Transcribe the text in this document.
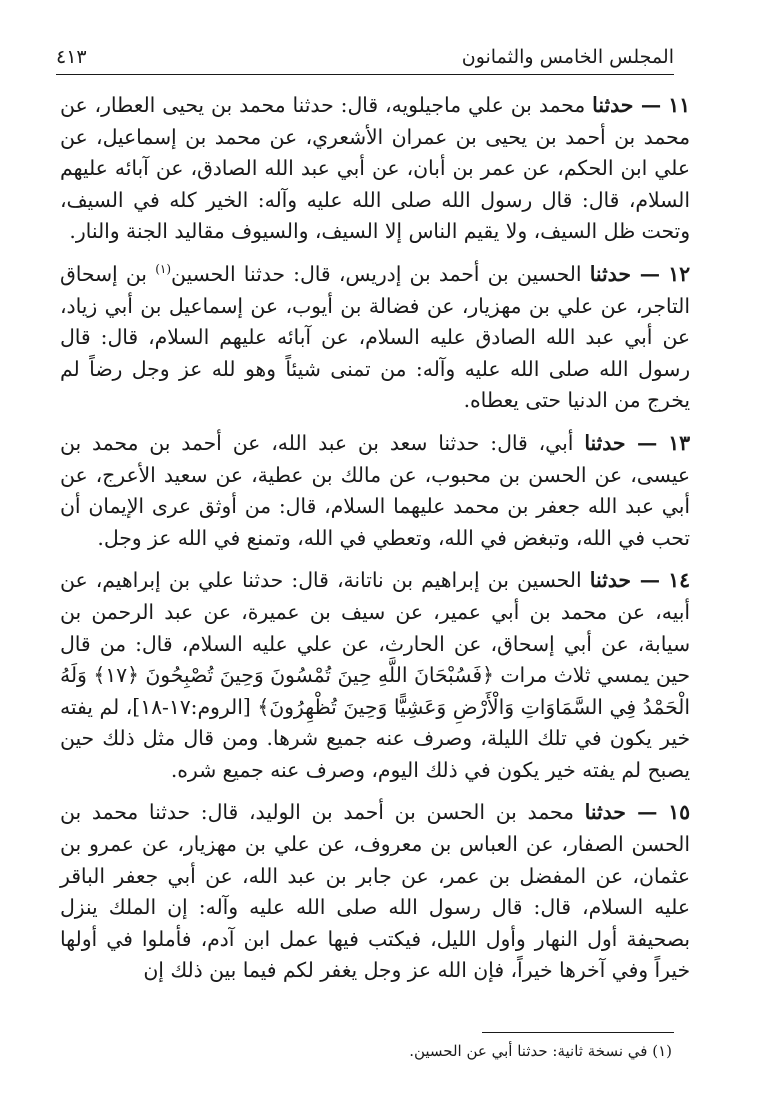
المجلس الخامس والثمانون
٤١٣

١١ — حدثنا محمد بن علي ماجيلويه، قال: حدثنا محمد بن يحيى العطار، عن محمد بن أحمد بن يحيى بن عمران الأشعري، عن محمد بن إسماعيل، عن علي ابن الحكم، عن عمر بن أبان، عن أبي عبد الله الصادق، عن آبائه عليهم السلام، قال: قال رسول الله صلى الله عليه وآله: الخير كله في السيف، وتحت ظل السيف، ولا يقيم الناس إلا السيف، والسيوف مقاليد الجنة والنار.

١٢ — حدثنا الحسين بن أحمد بن إدريس، قال: حدثنا الحسين$^{(١)}$ بن إسحاق التاجر، عن علي بن مهزيار، عن فضالة بن أيوب، عن إسماعيل بن أبي زياد، عن أبي عبد الله الصادق عليه السلام، عن آبائه عليهم السلام، قال: قال رسول الله صلى الله عليه وآله: من تمنى شيئاً وهو لله عز وجل رضاً لم يخرج من الدنيا حتى يعطاه.

١٣ — حدثنا أبي، قال: حدثنا سعد بن عبد الله، عن أحمد بن محمد بن عيسى، عن الحسن بن محبوب، عن مالك بن عطية، عن سعيد الأعرج، عن أبي عبد الله جعفر بن محمد عليهما السلام، قال: من أوثق عرى الإيمان أن تحب في الله، وتبغض في الله، وتعطي في الله، وتمنع في الله عز وجل.

١٤ — حدثنا الحسين بن إبراهيم بن ناتانة، قال: حدثنا علي بن إبراهيم، عن أبيه، عن محمد بن أبي عمير، عن سيف بن عميرة، عن عبد الرحمن بن سيابة، عن أبي إسحاق، عن الحارث، عن علي عليه السلام، قال: من قال حين يمسي ثلاث مرات ﴿فَسُبْحَانَ اللَّهِ حِينَ تُمْسُونَ وَحِينَ تُصْبِحُونَ ﴿١٧﴾ وَلَهُ الْحَمْدُ فِي السَّمَاوَاتِ وَالْأَرْضِ وَعَشِيًّا وَحِينَ تُظْهِرُونَ﴾ [الروم:١٧-١٨]، لم يفته خير يكون في تلك الليلة، وصرف عنه جميع شرها. ومن قال مثل ذلك حين يصبح لم يفته خير يكون في ذلك اليوم، وصرف عنه جميع شره.

١٥ — حدثنا محمد بن الحسن بن أحمد بن الوليد، قال: حدثنا محمد بن الحسن الصفار، عن العباس بن معروف، عن علي بن مهزيار، عن عمرو بن عثمان، عن المفضل بن عمر، عن جابر بن عبد الله، عن أبي جعفر الباقر عليه السلام، قال: قال رسول الله صلى الله عليه وآله: إن الملك ينزل بصحيفة أول النهار وأول الليل، فيكتب فيها عمل ابن آدم، فأملوا في أولها خيراً وفي آخرها خيراً، فإن الله عز وجل يغفر لكم فيما بين ذلك إن

(١) في نسخة ثانية: حدثنا أبي عن الحسين.
